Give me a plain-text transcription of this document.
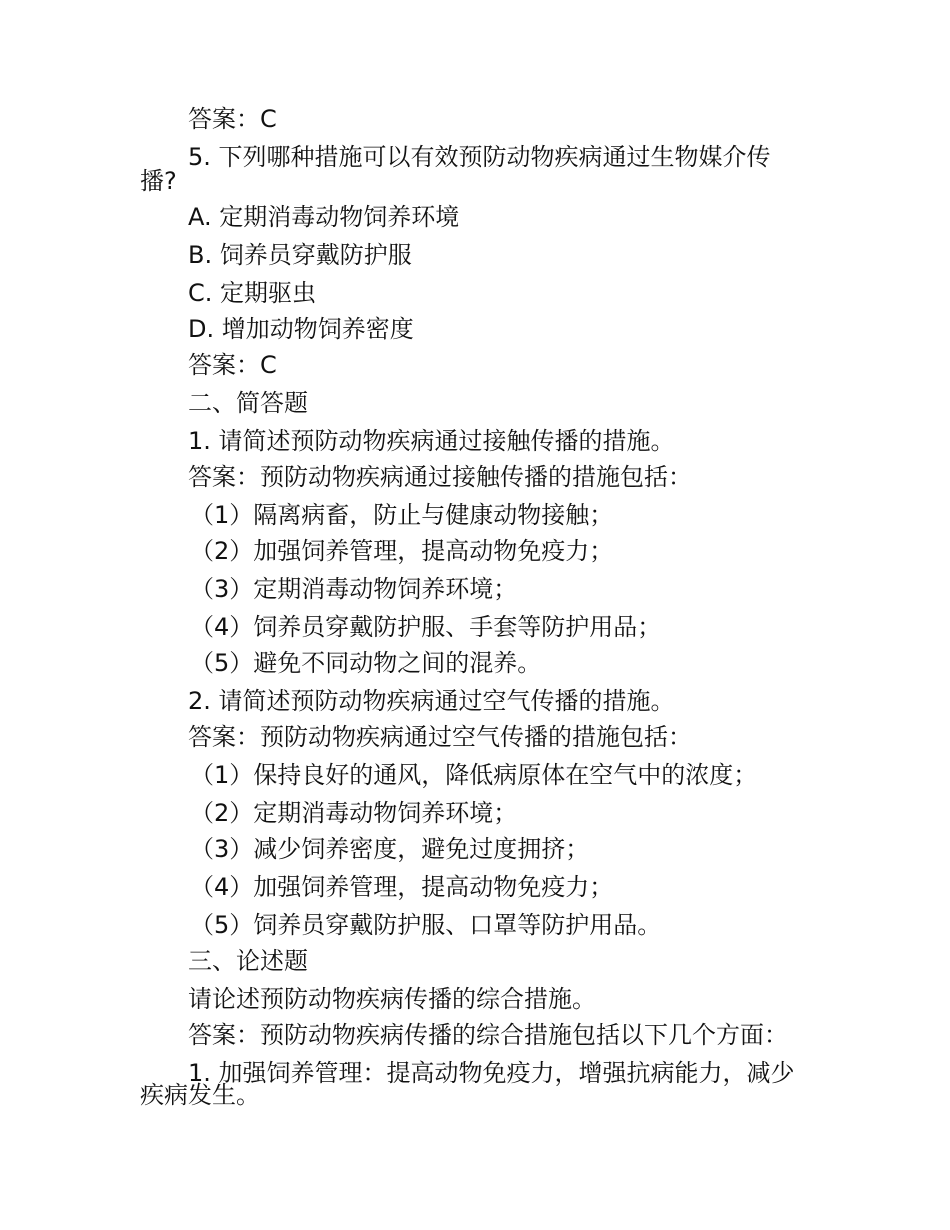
答案：C
5. 下列哪种措施可以有效预防动物疾病通过生物媒介传
播?
A. 定期消毒动物饲养环境
B. 饲养员穿戴防护服
C. 定期驱虫
D. 增加动物饲养密度
答案：C
二、简答题
1. 请简述预防动物疾病通过接触传播的措施。
答案：预防动物疾病通过接触传播的措施包括：
（1）隔离病畜，防止与健康动物接触；
（2）加强饲养管理，提高动物免疫力；
（3）定期消毒动物饲养环境；
（4）饲养员穿戴防护服、手套等防护用品；
（5）避免不同动物之间的混养。
2. 请简述预防动物疾病通过空气传播的措施。
答案：预防动物疾病通过空气传播的措施包括：
（1）保持良好的通风，降低病原体在空气中的浓度；
（2）定期消毒动物饲养环境；
（3）减少饲养密度，避免过度拥挤；
（4）加强饲养管理，提高动物免疫力；
（5）饲养员穿戴防护服、口罩等防护用品。
三、论述题
请论述预防动物疾病传播的综合措施。
答案：预防动物疾病传播的综合措施包括以下几个方面：
1. 加强饲养管理：提高动物免疫力，增强抗病能力，减少
疾病发生。
